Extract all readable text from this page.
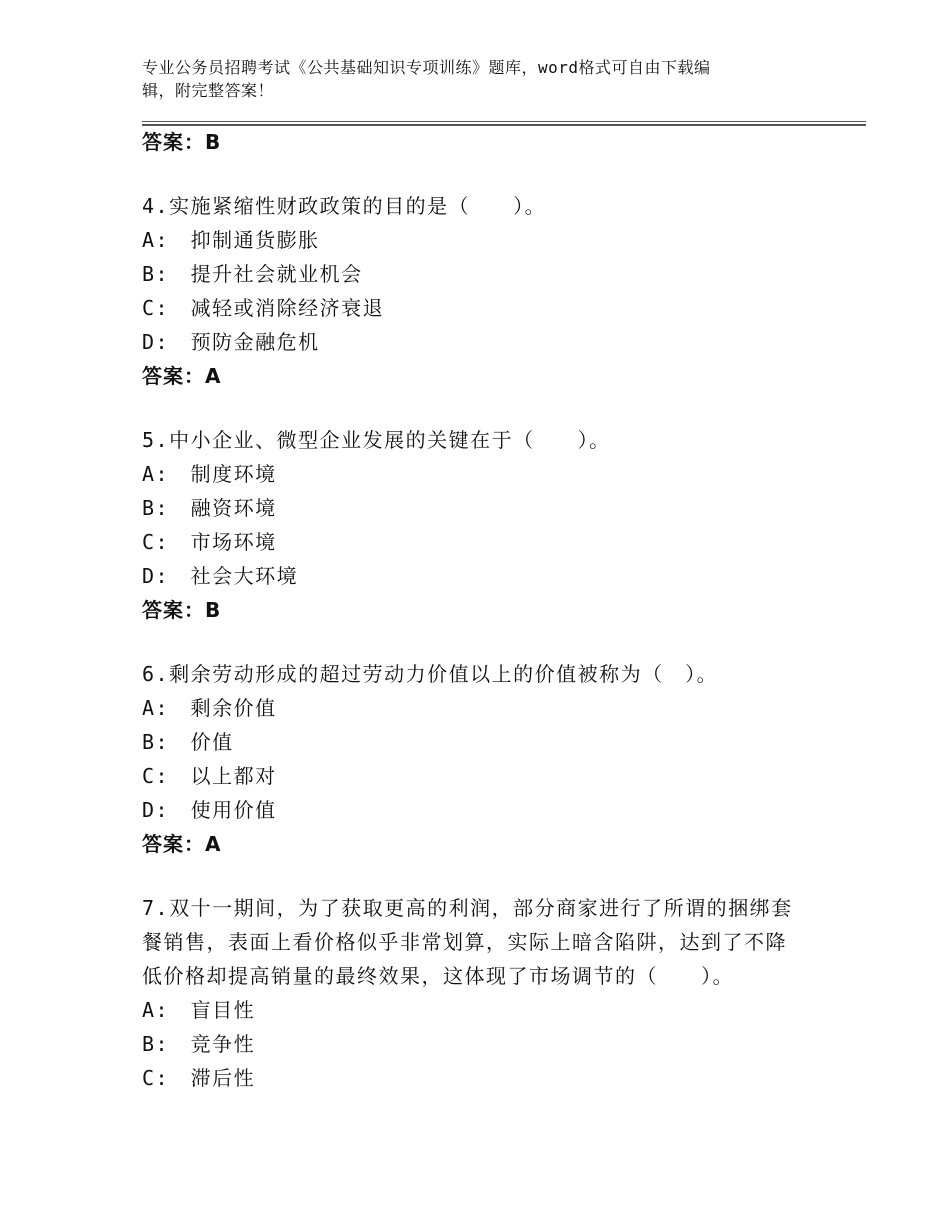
专业公务员招聘考试《公共基础知识专项训练》题库，word格式可自由下载编
辑，附完整答案！
答案：B
4.实施紧缩性财政政策的目的是（　　）。
A:　抑制通货膨胀
B:　提升社会就业机会
C:　减轻或消除经济衰退
D:　预防金融危机
答案：A
5.中小企业、微型企业发展的关键在于（　　）。
A:　制度环境
B:　融资环境
C:　市场环境
D:　社会大环境
答案：B
6.剩余劳动形成的超过劳动力价值以上的价值被称为（　）。
A:　剩余价值
B:　价值
C:　以上都对
D:　使用价值
答案：A
7.双十一期间，为了获取更高的利润，部分商家进行了所谓的捆绑套
餐销售，表面上看价格似乎非常划算，实际上暗含陷阱，达到了不降
低价格却提高销量的最终效果，这体现了市场调节的（　　）。
A:　盲目性
B:　竞争性
C:　滞后性
